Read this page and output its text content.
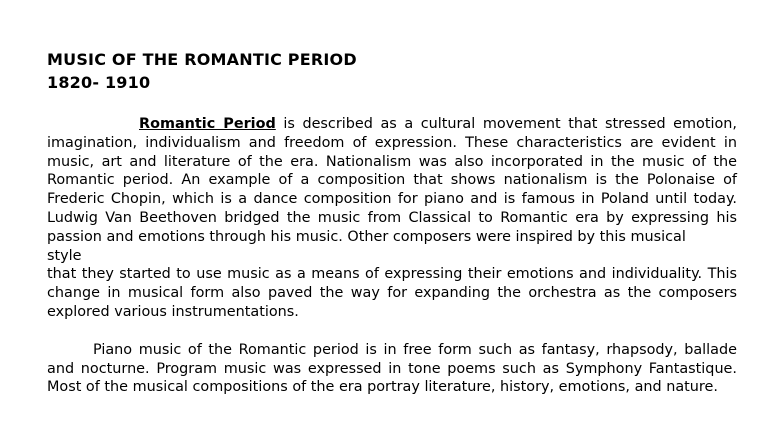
MUSIC OF THE ROMANTIC PERIOD
1820- 1910

Romantic Period is described as a cultural movement that stressed emotion, imagination, individualism and freedom of expression. These characteristics are evident in music, art and literature of the era. Nationalism was also incorporated in the music of the Romantic period. An example of a composition that shows nationalism is the Polonaise of Frederic Chopin, which is a dance composition for piano and is famous in Poland until today. Ludwig Van Beethoven bridged the music from Classical to Romantic era by expressing his passion and emotions through his music. Other composers were inspired by this musical

style

that they started to use music as a means of expressing their emotions and individuality. This change in musical form also paved the way for expanding the orchestra as the composers explored various instrumentations.

Piano music of the Romantic period is in free form such as fantasy, rhapsody, ballade and nocturne. Program music was expressed in tone poems such as Symphony Fantastique. Most of the musical compositions of the era portray literature, history, emotions, and nature.
